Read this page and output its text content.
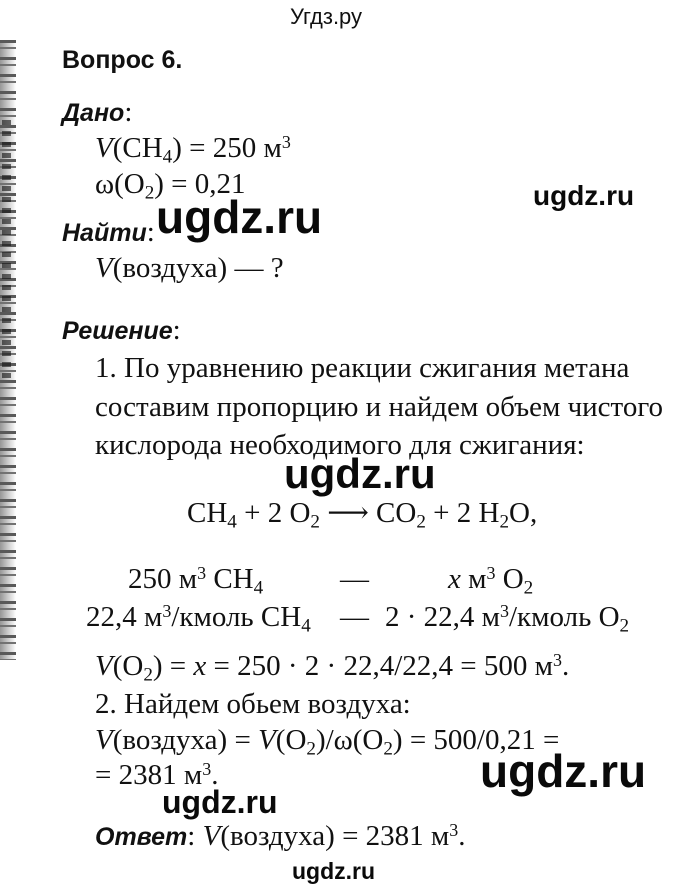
Угдз.ру
Вопрос 6.
Дано:
$V(CH_4) = 250$ $м^3$
$\omega(O_2) = 0,21$
Найти:
V(воздуха) — ?
Решение:
1. По уравнению реакции сжигания метана
составим пропорцию и найдем объем чистого
кислорода необходимого для сжигания:
$CH_4 + 2$ $O_2$ ⟶ $CO_2 + 2$ $H_2O$,
250 $м^3$ $CH_4$	—	x $м^3$ $O_2$
22,4 $м^3$/кмоль $CH_4$ — 2 · 22,4 $м^3$/кмоль $O_2$
$V(O_2) = x = 250 \cdot 2 \cdot 22,4/22,4 = 500$ $м^3$.
2. Найдем обьем воздуха:
V(воздуха) = $V(O_2)/\omega(O_2) = 500/0,21$ =
= 2381 $м^3$.
Ответ: V(воздуха) = 2381 $м^3$.
ugdz.ru
ugdz.ru
ugdz.ru
ugdz.ru
ugdz.ru
ugdz.ru
